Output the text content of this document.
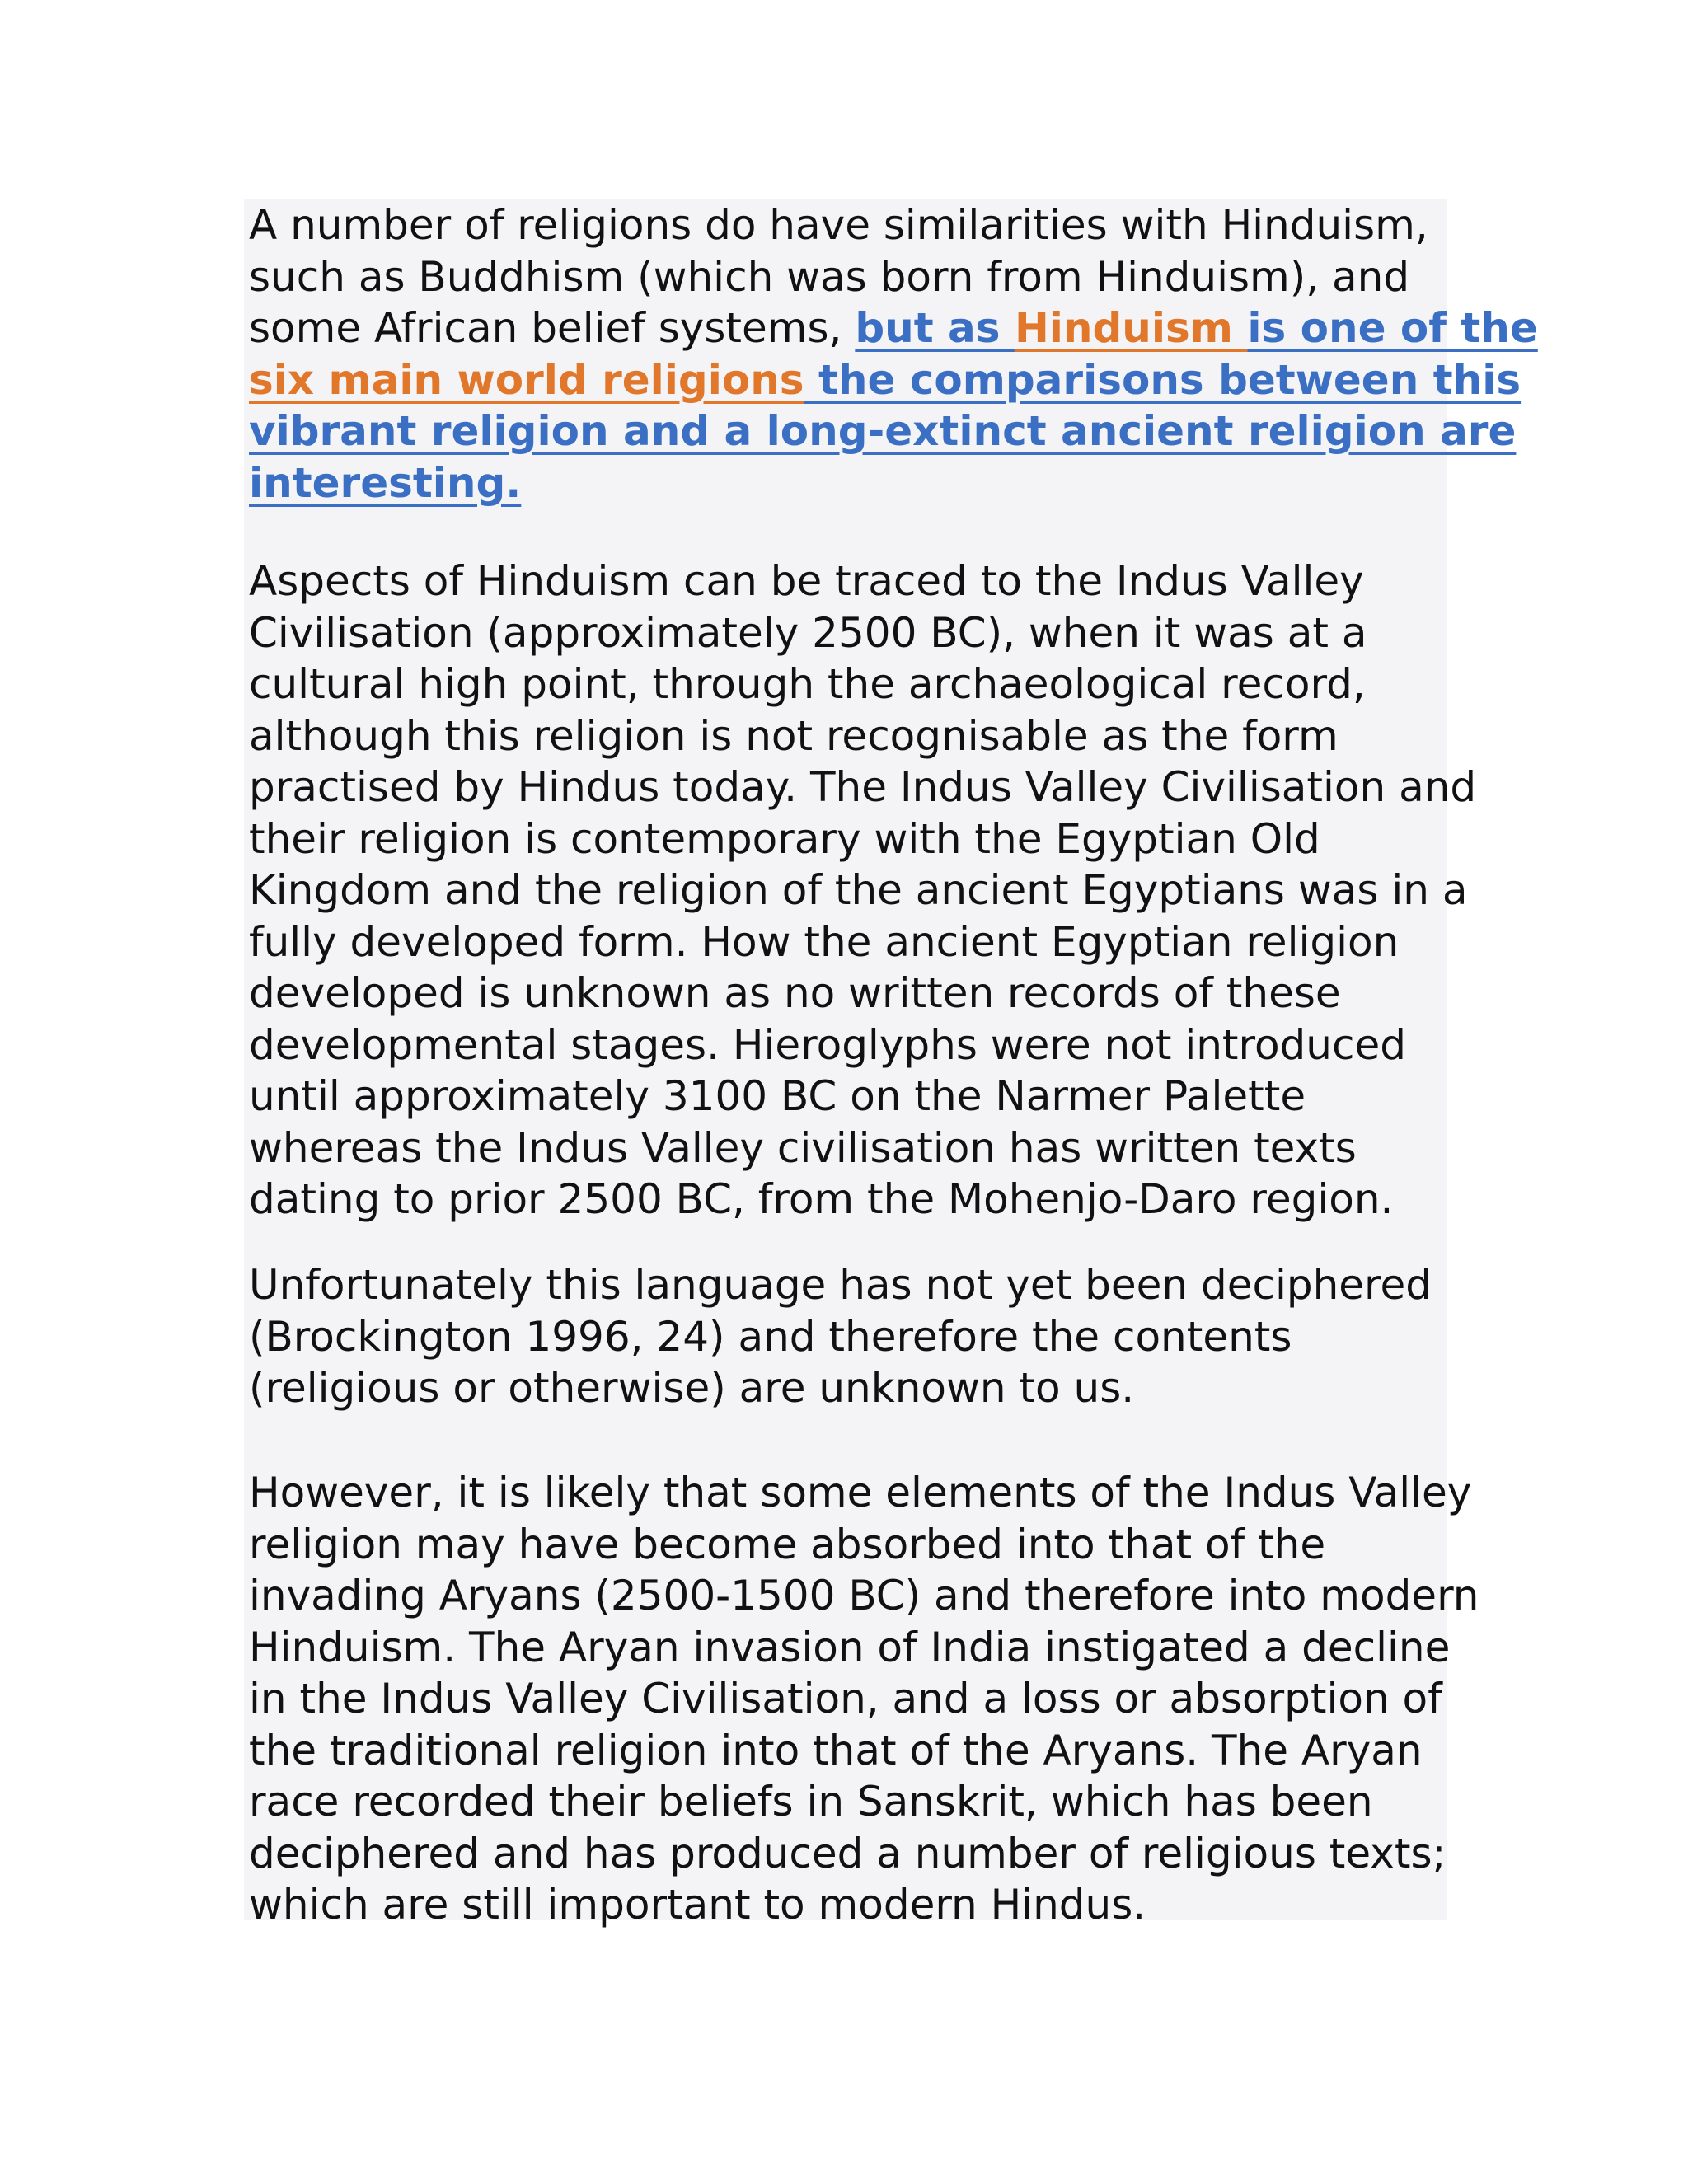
A number of religions do have similarities with Hinduism,
such as Buddhism (which was born from Hinduism), and
some African belief systems, but as Hinduism is one of the
six main world religions the comparisons between this
vibrant religion and a long-extinct ancient religion are
interesting.
Aspects of Hinduism can be traced to the Indus Valley
Civilisation (approximately 2500 BC), when it was at a
cultural high point, through the archaeological record,
although this religion is not recognisable as the form
practised by Hindus today. The Indus Valley Civilisation and
their religion is contemporary with the Egyptian Old
Kingdom and the religion of the ancient Egyptians was in a
fully developed form. How the ancient Egyptian religion
developed is unknown as no written records of these
developmental stages. Hieroglyphs were not introduced
until approximately 3100 BC on the Narmer Palette
whereas the Indus Valley civilisation has written texts
dating to prior 2500 BC, from the Mohenjo-Daro region.
Unfortunately this language has not yet been deciphered
(Brockington 1996, 24) and therefore the contents
(religious or otherwise) are unknown to us.
However, it is likely that some elements of the Indus Valley
religion may have become absorbed into that of the
invading Aryans (2500-1500 BC) and therefore into modern
Hinduism. The Aryan invasion of India instigated a decline
in the Indus Valley Civilisation, and a loss or absorption of
the traditional religion into that of the Aryans. The Aryan
race recorded their beliefs in Sanskrit, which has been
deciphered and has produced a number of religious texts;
which are still important to modern Hindus.
